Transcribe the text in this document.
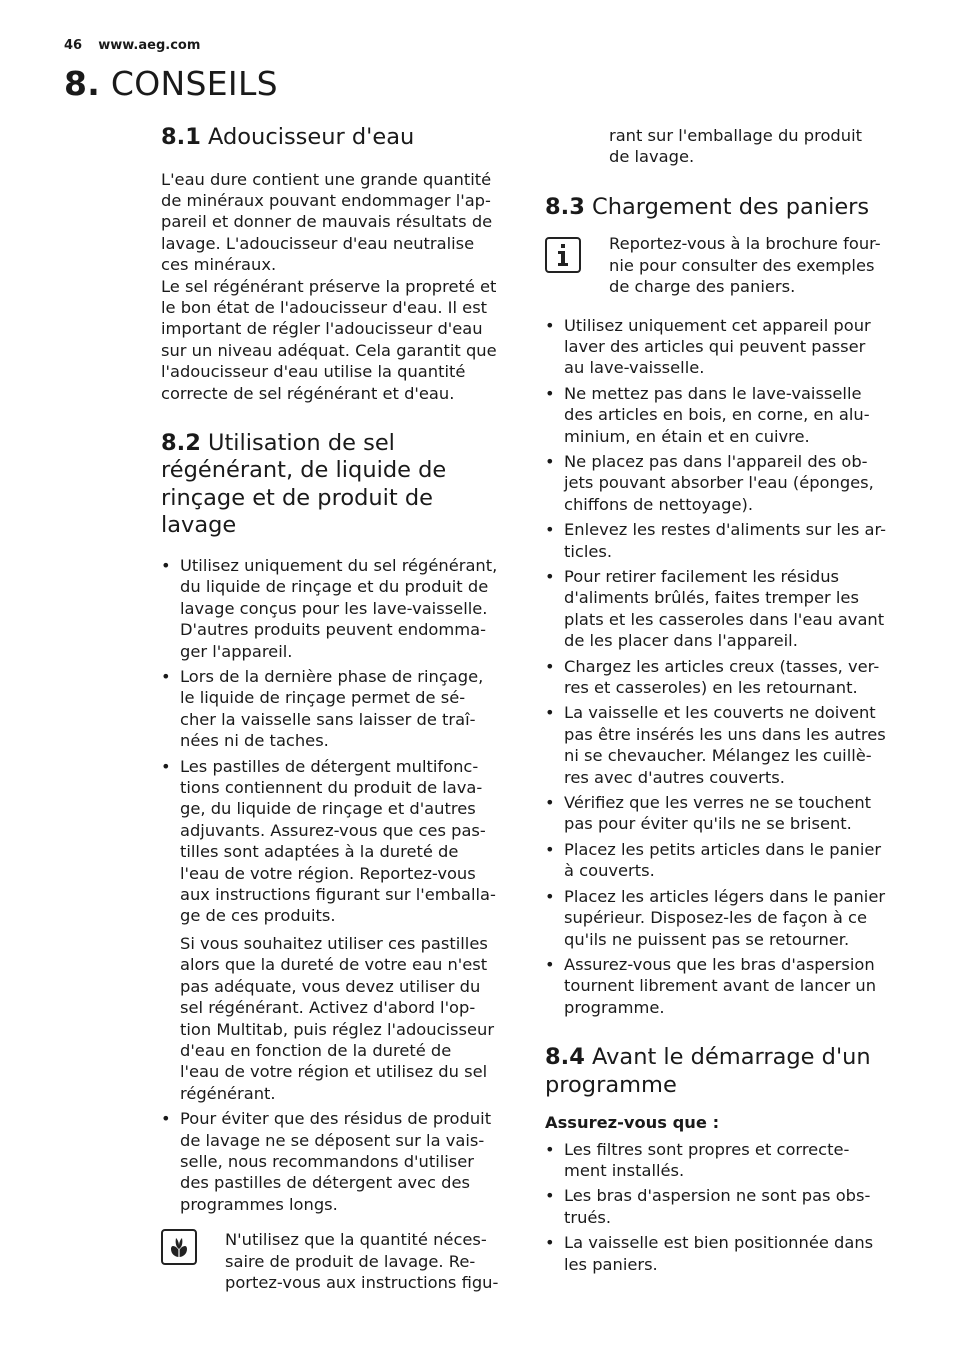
46 www.aeg.com
8. CONSEILS
8.1 Adoucisseur d'eau

L'eau dure contient une grande quantité
de minéraux pouvant endommager l'ap-
pareil et donner de mauvais résultats de
lavage. L'adoucisseur d'eau neutralise
ces minéraux.
Le sel régénérant préserve la propreté et
le bon état de l'adoucisseur d'eau. Il est
important de régler l'adoucisseur d'eau
sur un niveau adéquat. Cela garantit que
l'adoucisseur d'eau utilise la quantité
correcte de sel régénérant et d'eau.

8.2 Utilisation de sel
régénérant, de liquide de
rinçage et de produit de
lavage
• Utilisez uniquement du sel régénérant,
du liquide de rinçage et du produit de
lavage conçus pour les lave-vaisselle.
D'autres produits peuvent endomma-
ger l'appareil.
• Lors de la dernière phase de rinçage,
le liquide de rinçage permet de sé-
cher la vaisselle sans laisser de traî-
nées ni de taches.
• Les pastilles de détergent multifonc-
tions contiennent du produit de lava-
ge, du liquide de rinçage et d'autres
adjuvants. Assurez-vous que ces pas-
tilles sont adaptées à la dureté de
l'eau de votre région. Reportez-vous
aux instructions figurant sur l'emballa-
ge de ces produits.

Si vous souhaitez utiliser ces pastilles
alors que la dureté de votre eau n'est
pas adéquate, vous devez utiliser du
sel régénérant. Activez d'abord l'op-
tion Multitab, puis réglez l'adoucisseur
d'eau en fonction de la dureté de
l'eau de votre région et utilisez du sel
régénérant.

• Pour éviter que des résidus de produit
de lavage ne se déposent sur la vais-
selle, nous recommandons d'utiliser
des pastilles de détergent avec des
programmes longs.
N'utilisez que la quantité néces-
saire de produit de lavage. Re-
portez-vous aux instructions figu-

rant sur l'emballage du produit
de lavage.

8.3 Chargement des paniers
Reportez-vous à la brochure four-
nie pour consulter des exemples
de charge des paniers.
• Utilisez uniquement cet appareil pour
laver des articles qui peuvent passer
au lave-vaisselle.
• Ne mettez pas dans le lave-vaisselle
des articles en bois, en corne, en alu-
minium, en étain et en cuivre.
• Ne placez pas dans l'appareil des ob-
jets pouvant absorber l'eau (éponges,
chiffons de nettoyage).
• Enlevez les restes d'aliments sur les ar-
ticles.
• Pour retirer facilement les résidus
d'aliments brûlés, faites tremper les
plats et les casseroles dans l'eau avant
de les placer dans l'appareil.
• Chargez les articles creux (tasses, ver-
res et casseroles) en les retournant.
• La vaisselle et les couverts ne doivent
pas être insérés les uns dans les autres
ni se chevaucher. Mélangez les cuillè-
res avec d'autres couverts.
• Vérifiez que les verres ne se touchent
pas pour éviter qu'ils ne se brisent.
• Placez les petits articles dans le panier
à couverts.
• Placez les articles légers dans le panier
supérieur. Disposez-les de façon à ce
qu'ils ne puissent pas se retourner.
• Assurez-vous que les bras d'aspersion
tournent librement avant de lancer un
programme.
8.4 Avant le démarrage d'un
programme

Assurez-vous que :

• Les filtres sont propres et correcte-
ment installés.
• Les bras d'aspersion ne sont pas obs-
trués.
• La vaisselle est bien positionnée dans
les paniers.
